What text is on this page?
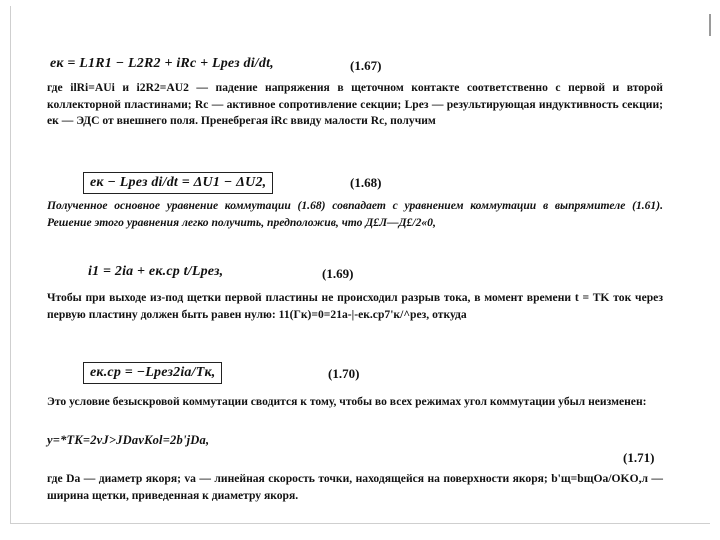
eк = L1R1 − L2R2 + iRc + Lрез di/dt,	(1.67)

где ilRi=AUi и i2R2=AU2 — падение напряжения в щеточном контакте соответственно с первой и второй коллекторной пластинами; Rc — активное сопротивление секции; Lрез — результирующая индуктивность секции; eк — ЭДС от внешнего поля. Пренебрегая iRc ввиду малости Rc, получим

eк − Lрез di/dt = ΔU1 − ΔU2,	(1.68)

Полученное основное уравнение коммутации (1.68) совпадает с уравнением коммутации в выпрямителе (1.61). Решение этого уравнения легко получить, предположив, что Д£Л—Д£/2«0,

i1 = 2iа + eк.ср t/Lрез,	(1.69)

Чтобы при выходе из-под щетки первой пластины не происходил разрыв тока, в момент времени t = TK ток через первую пластину должен быть равен нулю: 11(Гк)=0=21а-|-ек.ср7'к/^рез, откуда

eк.ср = −Lрез2iа/Tк,	(1.70)

Это условие безыскровой коммутации сводится к тому, чтобы во всех режимах угол коммутации убыл неизменен:

y=*TK=2vJ>JDаvKol=2b'jDа,
(1.71)

где Dа — диаметр якоря; vа — линейная скорость точки, находящейся на поверхности якоря; b'щ=bщOа/OKO,л — ширина щетки, приведенная к диаметру якоря.
